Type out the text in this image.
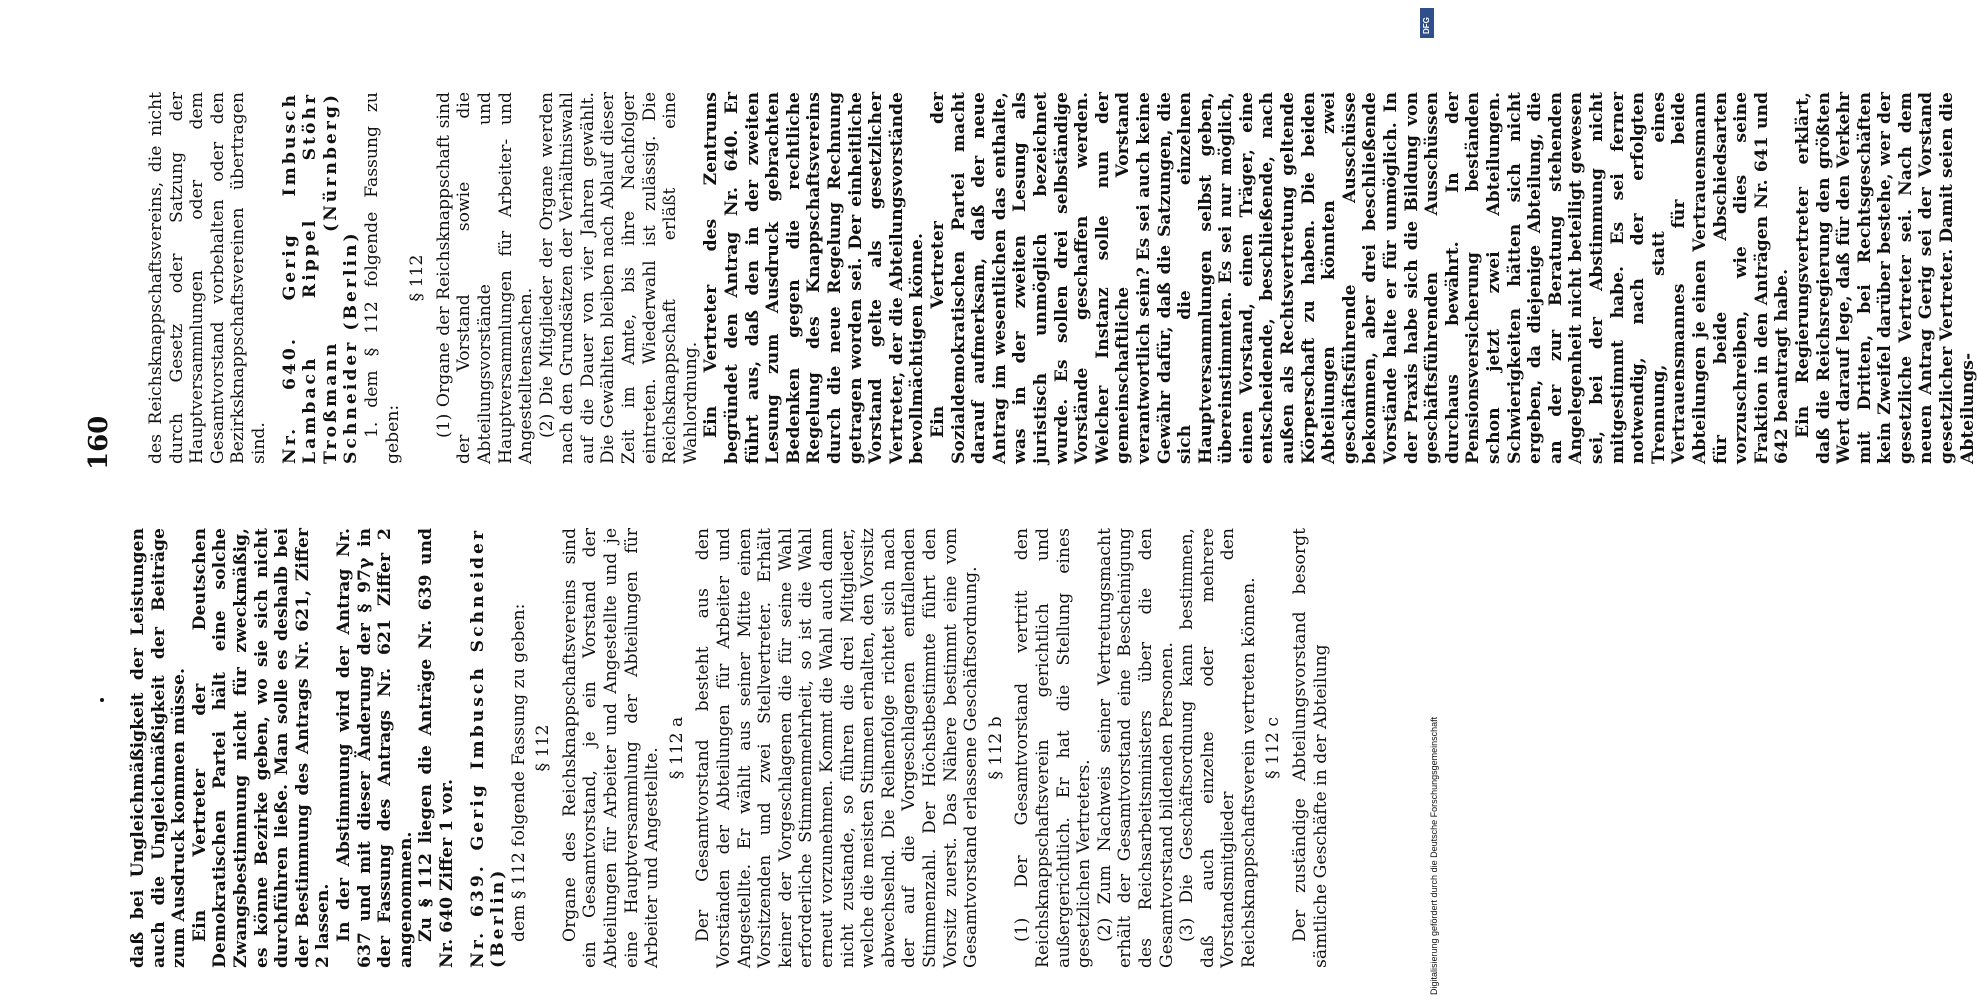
160

daß bei Ungleichmäßigkeit der Leistungen auch die Ungleichmäßigkeit der Beiträge zum Ausdruck kommen müsse. Ein Vertreter der Deutschen Demokratischen Partei hält eine solche Zwangsbestimmung nicht für zweckmäßig, es könne Bezirke geben, wo sie sich nicht durchführen ließe. Man solle es deshalb bei der Bestimmung des Antrags Nr. 621, Ziffer 2 lassen. In der Abstimmung wird der Antrag Nr. 637 und mit dieser Änderung der § 97γ in der Fassung des Antrags Nr. 621 Ziffer 2 angenommen. Zu § 112 liegen die Anträge Nr. 639 und Nr. 640 Ziffer 1 vor. Nr. 639. Gerig Imbusch Schneider (Berlin) dem § 112 folgende Fassung zu geben: § 112 Organe des Reichsknappschaftsvereins sind ein Gesamtvorstand, je ein Vorstand der Abteilungen für Arbeiter und Angestellte und je eine Hauptversammlung der Abteilungen für Arbeiter und Angestellte. § 112 a Der Gesamtvorstand besteht aus den Vorständen der Abteilungen für Arbeiter und Angestellte. Er wählt aus seiner Mitte einen Vorsitzenden und zwei Stellvertreter. Erhält keiner der Vorgeschlagenen die für seine Wahl erforderliche Stimmenmehrheit, so ist die Wahl erneut vorzunehmen. Kommt die Wahl auch dann nicht zustande, so führen die drei Mitglieder, welche die meisten Stimmen erhalten, den Vorsitz abwechselnd. Die Reihenfolge richtet sich nach der auf die Vorgeschlagenen entfallenden Stimmenzahl. Der Höchstbestimmte führt den Vorsitz zuerst. Das Nähere bestimmt eine vom Gesamtvorstand erlassene Geschäftsordnung. § 112 b (1) Der Gesamtvorstand vertritt den Reichsknappschaftsverein gerichtlich und außergerichtlich. Er hat die Stellung eines gesetzlichen Vertreters. (2) Zum Nachweis seiner Vertretungsmacht erhält der Gesamtvorstand eine Bescheinigung des Reichsarbeitsministers über die den Gesamtvorstand bildenden Personen. (3) Die Geschäftsordnung kann bestimmen, daß auch einzelne oder mehrere Vorstandsmitglieder den Reichsknappschaftsverein vertreten können. § 112 c Der zuständige Abteilungsvorstand besorgt sämtliche Geschäfte in der Abteilung	Digitalisierung gefördert durch die Deutsche Forschungsgemeinschaft
DFG

des Reichsknappschaftsvereins, die nicht durch Gesetz oder Satzung der Hauptversammlungen oder dem Gesamtvorstand vorbehalten oder den Bezirksknappschaftsvereinen übertragen sind. Nr. 640. Gerig Imbusch Lambach Rippel Stöhr Troßmann (Nürnberg) Schneider (Berlin) 1. dem § 112 folgende Fassung zu geben:

§ 112 (1) Organe der Reichsknappschaft sind der Vorstand sowie die Abteilungsvorstände und Hauptversammlungen für Arbeiter- und Angestelltensachen. (2) Die Mitglieder der Organe werden nach den Grundsätzen der Verhältniswahl auf die Dauer von vier Jahren gewählt. Die Gewählten bleiben nach Ablauf dieser Zeit im Amte, bis ihre Nachfolger eintreten. Wiederwahl ist zulässig. Die Reichsknappschaft erläßt eine Wahlordnung. Ein Vertreter des Zentrums begründet den Antrag Nr. 640. Er führt aus, daß den in der zweiten Lesung zum Ausdruck gebrachten Bedenken gegen die rechtliche Regelung des Knappschaftsvereins durch die neue Regelung Rechnung getragen worden sei. Der einheitliche Vorstand gelte als gesetzlicher Vertreter, der die Abteilungsvorstände bevollmächtigen könne. Ein Vertreter der Sozialdemokratischen Partei macht darauf aufmerksam, daß der neue Antrag im wesentlichen das enthalte, was in der zweiten Lesung als juristisch unmöglich bezeichnet wurde. Es sollen drei selbständige Vorstände geschaffen werden. Welcher Instanz solle nun der gemeinschaftliche Vorstand verantwortlich sein? Es sei auch keine Gewähr dafür, daß die Satzungen, die sich die einzelnen Hauptversammlungen selbst geben, übereinstimmten. Es sei nur möglich, einen Vorstand, einen Träger, eine entscheidende, beschließende, nach außen als Rechtsvertretung geltende Körperschaft zu haben. Die beiden Abteilungen könnten zwei geschäftsführende Ausschüsse bekommen, aber drei beschließende Vorstände halte er für unmöglich. In der Praxis habe sich die Bildung von geschäftsführenden Ausschüssen durchaus bewährt. In der Pensionsversicherung beständen schon jetzt zwei Abteilungen. Schwierigkeiten hätten sich nicht ergeben, da diejenige Abteilung, die an der zur Beratung stehenden Angelegenheit nicht beteiligt gewesen sei, bei der Abstimmung nicht mitgestimmt habe. Es sei ferner notwendig, nach der erfolgten Trennung, statt eines Vertrauensmannes für beide Abteilungen je einen Vertrauensmann für beide Abschiedsarten vorzuschreiben, wie dies seine Fraktion in den Anträgen Nr. 641 und 642 beantragt habe. Ein Regierungsvertreter erklärt, daß die Reichsregierung den größten Wert darauf lege, daß für den Verkehr mit Dritten, bei Rechtsgeschäften kein Zweifel darüber bestehe, wer der gesetzliche Vertreter sei. Nach dem neuen Antrag Gerig sei der Vorstand gesetzlicher Vertreter. Damit seien die Abteilungs-
